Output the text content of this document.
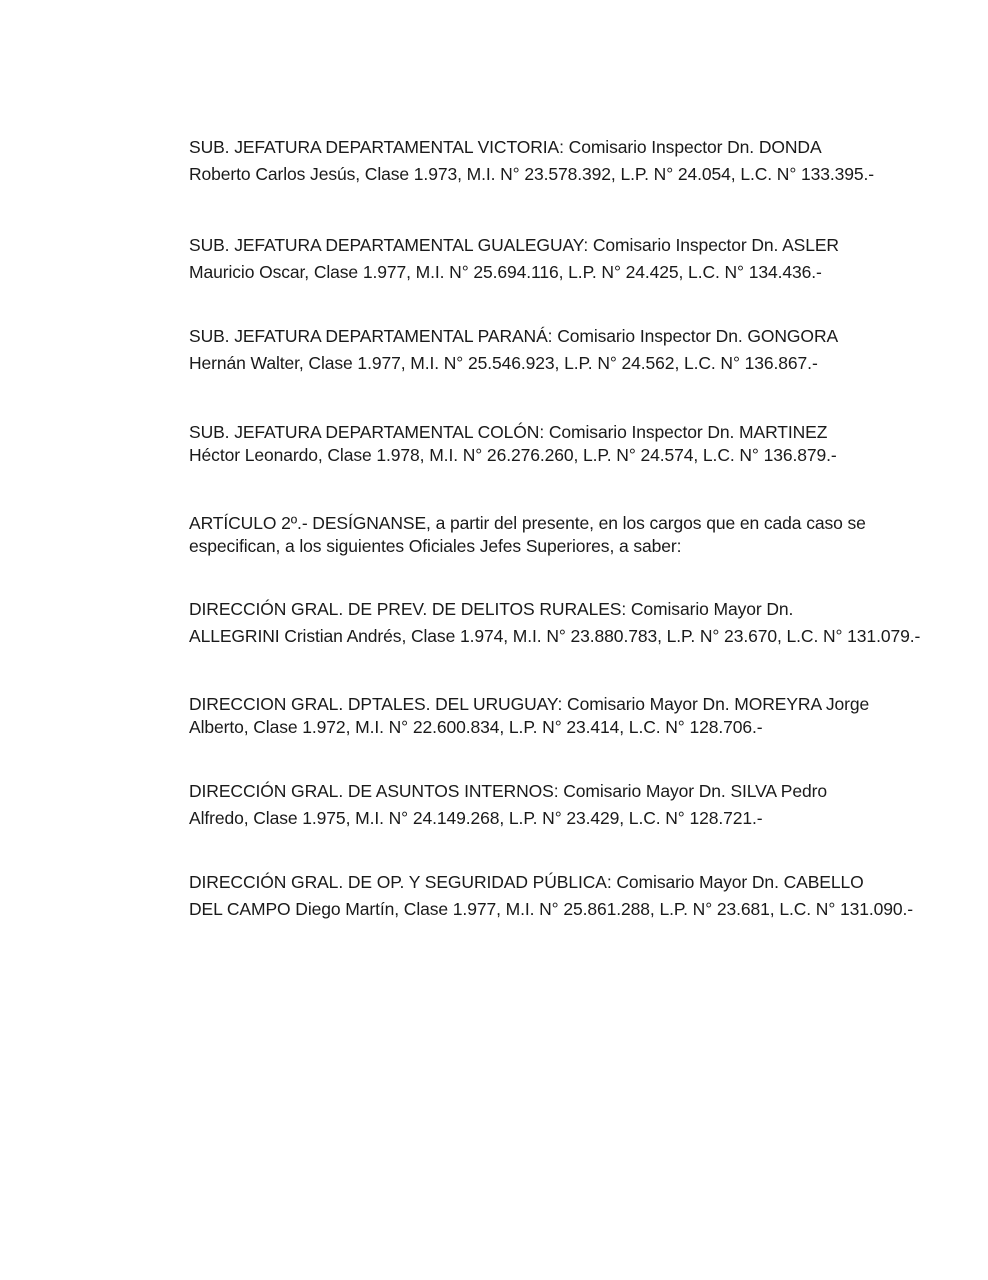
SUB. JEFATURA DEPARTAMENTAL VICTORIA: Comisario Inspector Dn. DONDA
Roberto Carlos Jesús, Clase 1.973, M.I. N° 23.578.392, L.P. N° 24.054, L.C. N° 133.395.-
SUB. JEFATURA DEPARTAMENTAL GUALEGUAY: Comisario Inspector Dn. ASLER
Mauricio Oscar, Clase 1.977, M.I. N° 25.694.116, L.P. N° 24.425, L.C. N° 134.436.-
SUB. JEFATURA DEPARTAMENTAL PARANÁ: Comisario Inspector Dn. GONGORA
Hernán Walter, Clase 1.977, M.I. N° 25.546.923, L.P. N° 24.562, L.C. N° 136.867.-
SUB. JEFATURA DEPARTAMENTAL COLÓN: Comisario Inspector Dn. MARTINEZ
Héctor Leonardo, Clase 1.978, M.I. N° 26.276.260, L.P. N° 24.574, L.C. N° 136.879.-
ARTÍCULO 2º.- DESÍGNANSE, a partir del presente, en los cargos que en cada caso se
especifican, a los siguientes Oficiales Jefes Superiores, a saber:
DIRECCIÓN GRAL. DE PREV. DE DELITOS RURALES: Comisario Mayor Dn.
ALLEGRINI Cristian Andrés, Clase 1.974, M.I. N° 23.880.783, L.P. N° 23.670, L.C. N° 131.079.-
DIRECCION GRAL. DPTALES. DEL URUGUAY: Comisario Mayor Dn. MOREYRA Jorge
Alberto, Clase 1.972, M.I. N° 22.600.834, L.P. N° 23.414, L.C. N° 128.706.-
DIRECCIÓN GRAL. DE ASUNTOS INTERNOS: Comisario Mayor Dn. SILVA Pedro
Alfredo, Clase 1.975, M.I. N° 24.149.268, L.P. N° 23.429, L.C. N° 128.721.-
DIRECCIÓN GRAL. DE OP. Y SEGURIDAD PÚBLICA: Comisario Mayor Dn. CABELLO
DEL CAMPO Diego Martín, Clase 1.977, M.I. N° 25.861.288, L.P. N° 23.681, L.C. N° 131.090.-
